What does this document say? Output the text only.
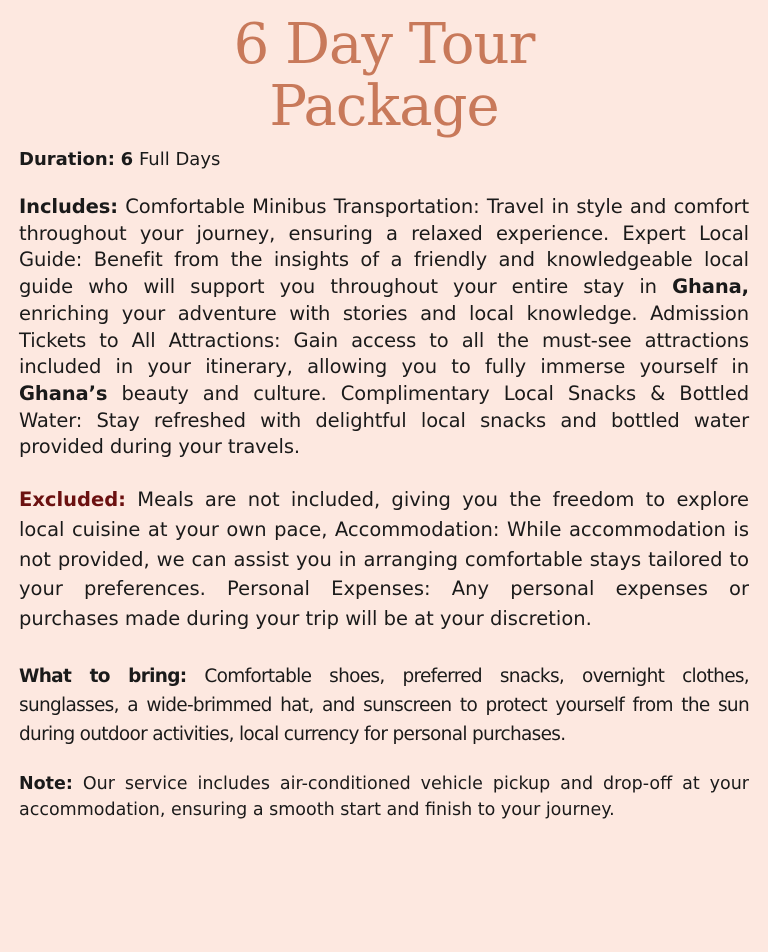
6 Day Tour
Package

Duration: 6 Full Days

Includes: Comfortable Minibus Transportation: Travel in style and comfort throughout your journey, ensuring a relaxed experience. Expert Local Guide: Benefit from the insights of a friendly and knowledgeable local guide who will support you throughout your entire stay in Ghana, enriching your adventure with stories and local knowledge. Admission Tickets to All Attractions: Gain access to all the must-see attractions included in your itinerary, allowing you to fully immerse yourself in Ghana’s beauty and culture. Complimentary Local Snacks & Bottled Water: Stay refreshed with delightful local snacks and bottled water provided during your travels.

Excluded: Meals are not included, giving you the freedom to explore local cuisine at your own pace, Accommodation: While accommodation is not provided, we can assist you in arranging comfortable stays tailored to your preferences. Personal Expenses: Any personal expenses or purchases made during your trip will be at your discretion.

What to bring: Comfortable shoes, preferred snacks, overnight clothes, sunglasses, a wide-brimmed hat, and sunscreen to protect yourself from the sun during outdoor activities, local currency for personal purchases.

Note: Our service includes air-conditioned vehicle pickup and drop-off at your accommodation, ensuring a smooth start and finish to your journey.
